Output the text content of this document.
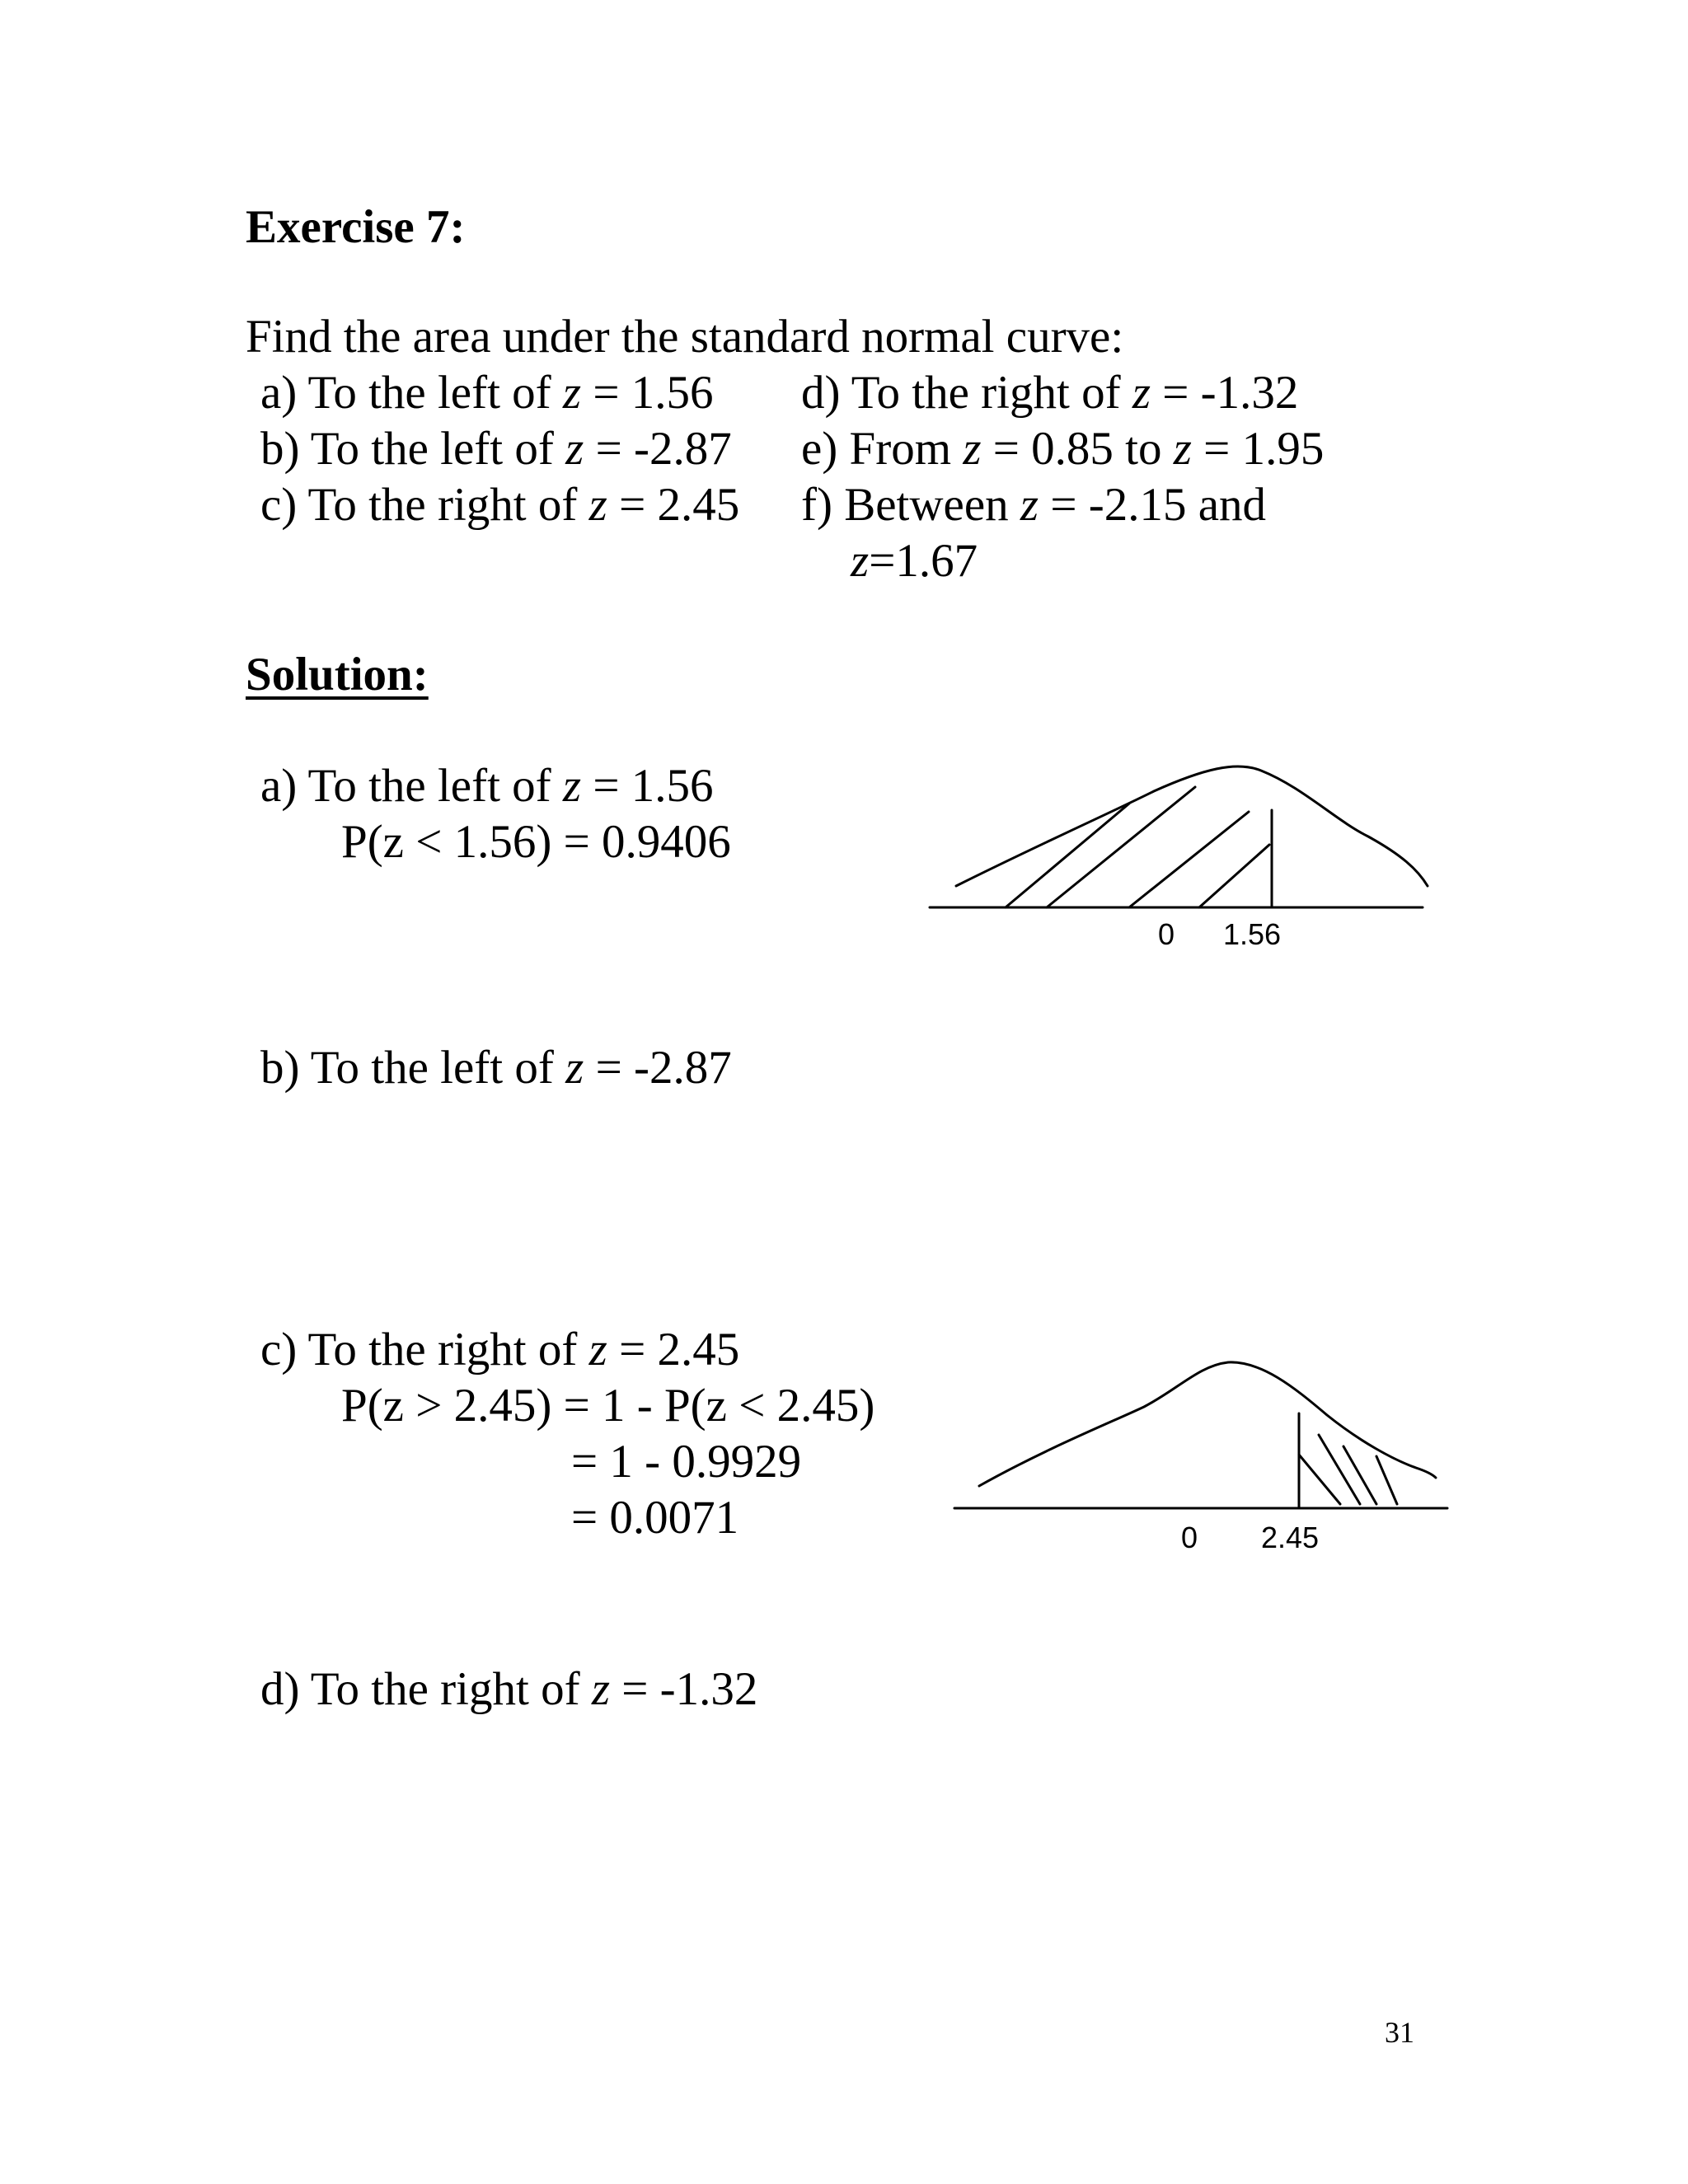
Exercise 7:
Find the area under the standard normal curve:
a) To the left of z = 1.56
b) To the left of z = -2.87
c) To the right of z = 2.45
d) To the right of z = -1.32
e) From z = 0.85 to z = 1.95
f) Between z = -2.15 and
z=1.67
Solution:
a) To the left of z = 1.56
P(z < 1.56) = 0.9406
0 1.56
b) To the left of z = -2.87
c) To the right of z = 2.45
P(z > 2.45) = 1 - P(z < 2.45)
= 1 - 0.9929
= 0.0071	0 2.45
d) To the right of z = -1.32
31
